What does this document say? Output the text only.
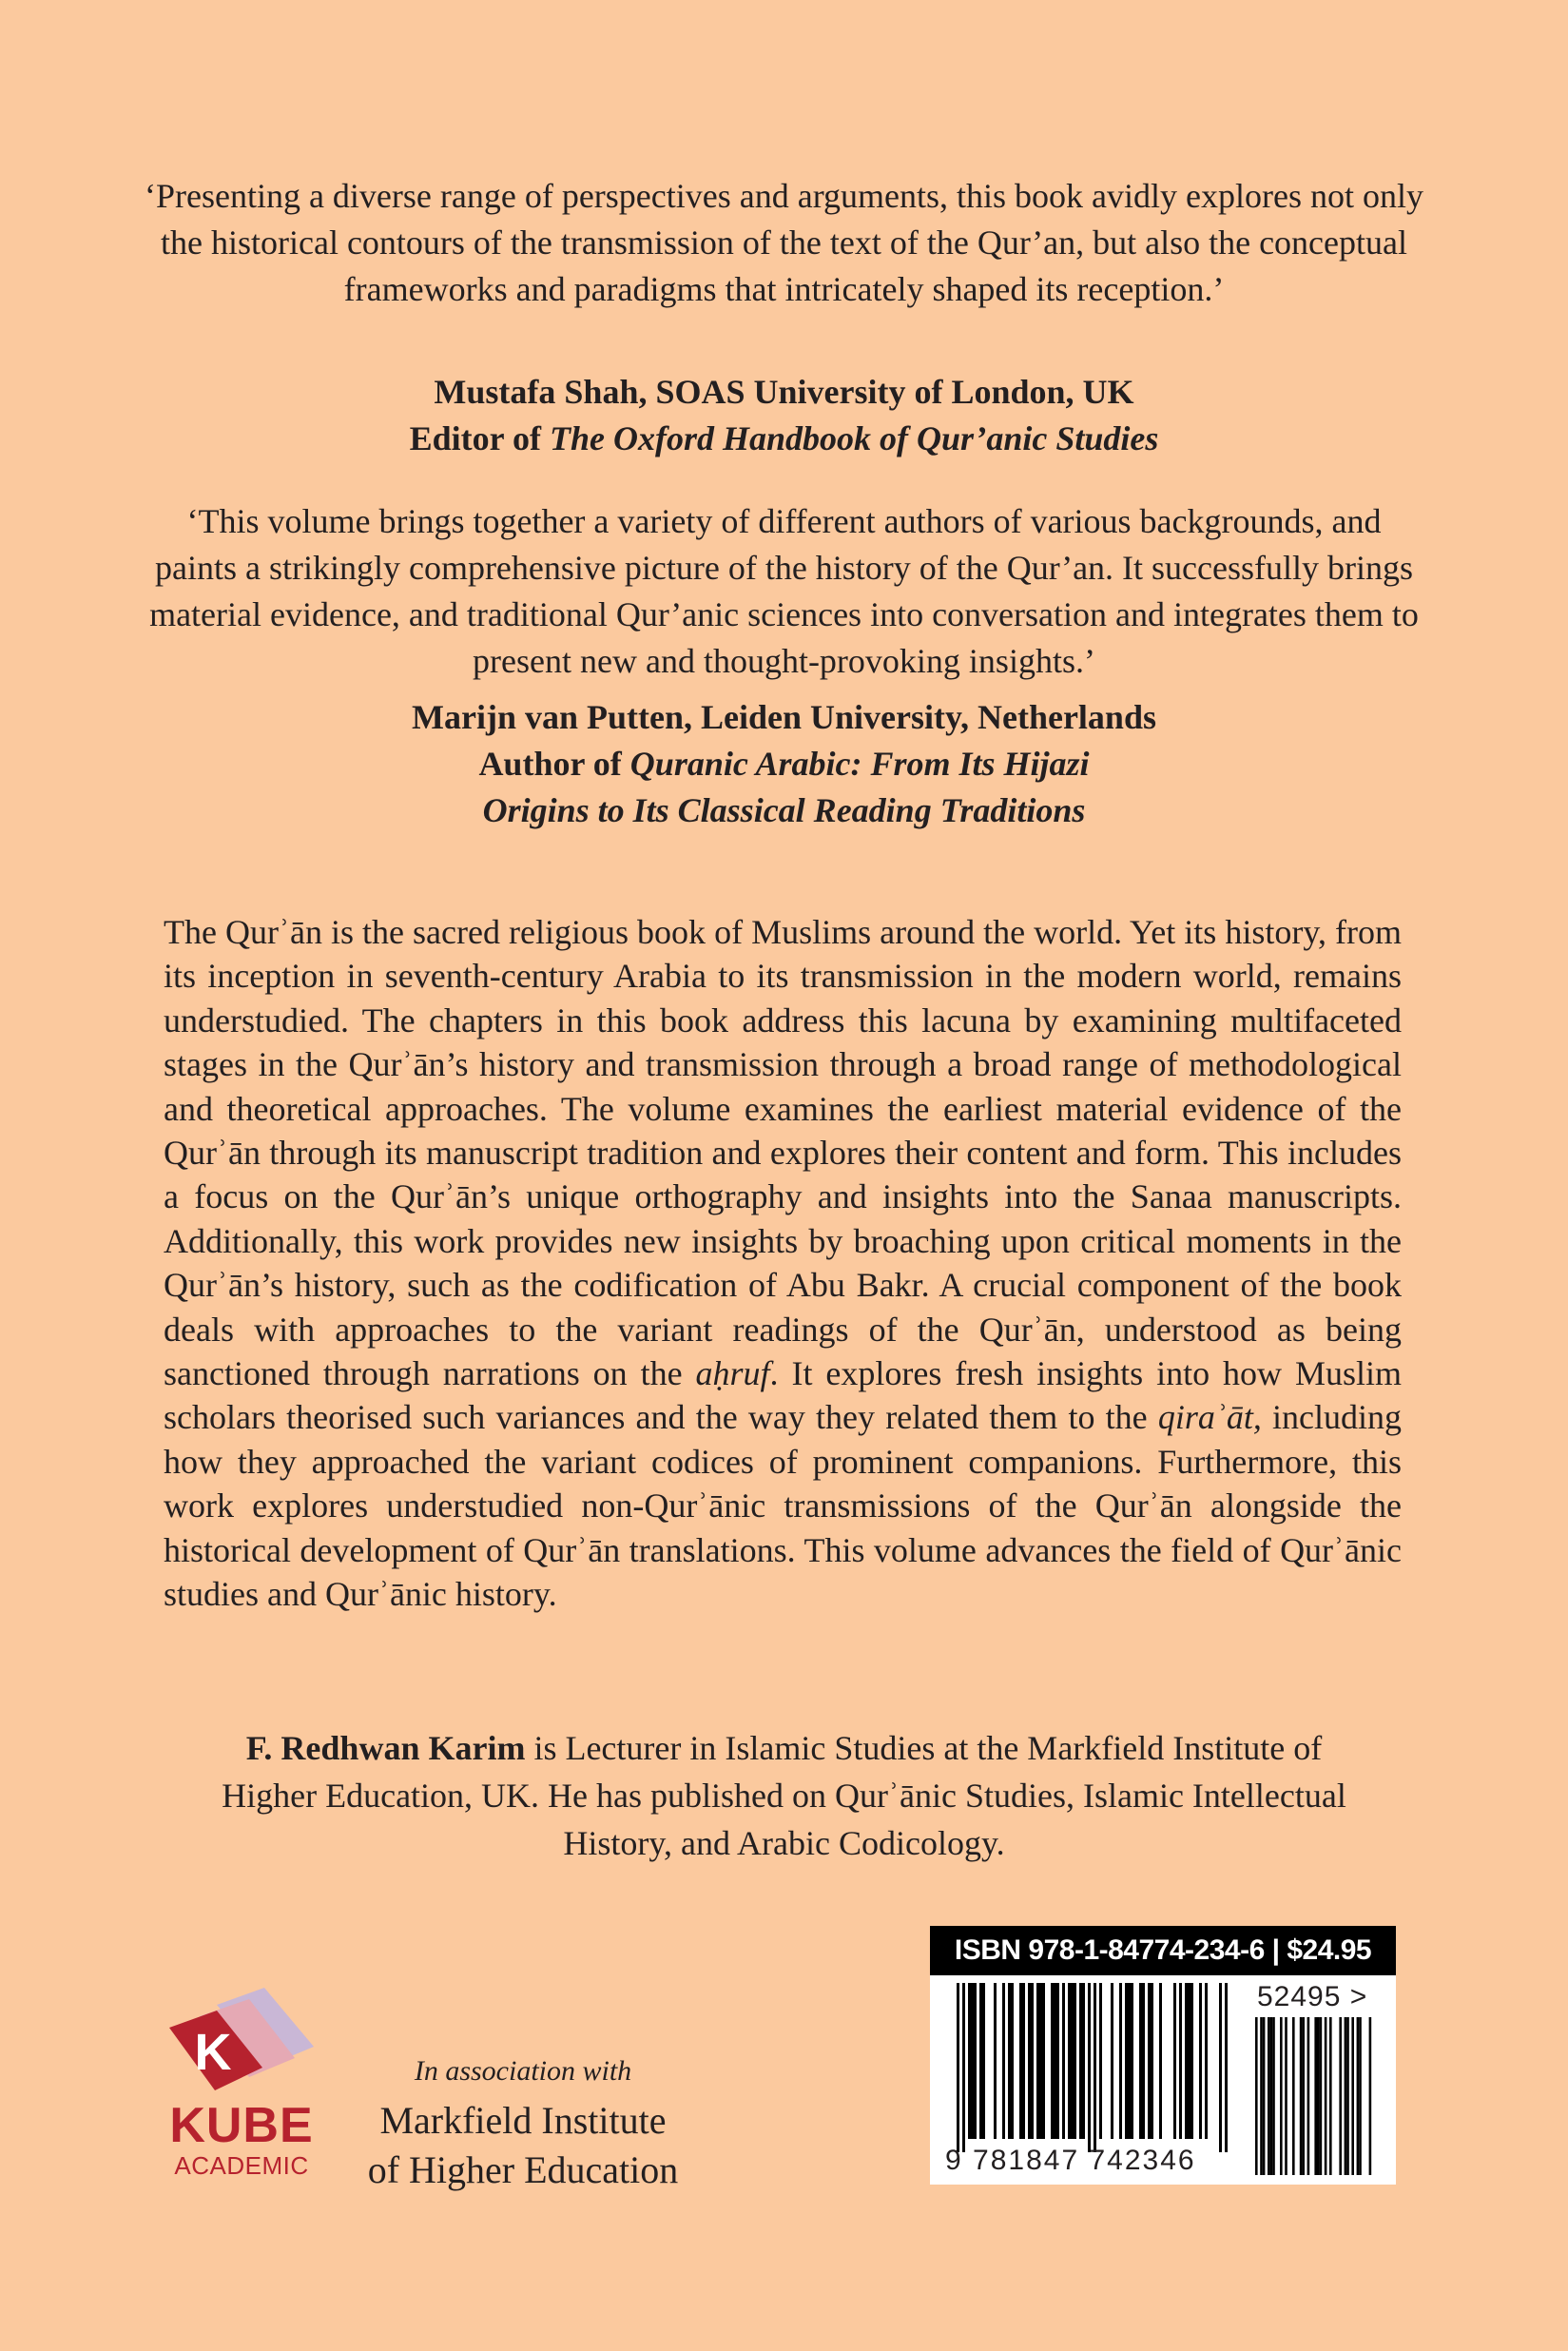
‘Presenting a diverse range of perspectives and arguments, this book avidly explores not only the historical contours of the transmission of the text of the Qur’an, but also the conceptual frameworks and paradigms that intricately shaped its reception.’
Mustafa Shah, SOAS University of London, UK
Editor of The Oxford Handbook of Qur’anic Studies
‘This volume brings together a variety of different authors of various backgrounds, and paints a strikingly comprehensive picture of the history of the Qur’an. It successfully brings material evidence, and traditional Qur’anic sciences into conversation and integrates them to present new and thought-provoking insights.’
Marijn van Putten, Leiden University, Netherlands
Author of Quranic Arabic: From Its Hijazi
Origins to Its Classical Reading Traditions
The Qurʾān is the sacred religious book of Muslims around the world. Yet its history, from its inception in seventh-century Arabia to its transmission in the modern world, remains understudied. The chapters in this book address this lacuna by examining multifaceted stages in the Qurʾān’s history and transmission through a broad range of methodological and theoretical approaches. The volume examines the earliest material evidence of the Qurʾān through its manuscript tradition and explores their content and form. This includes a focus on the Qurʾān’s unique orthography and insights into the Sanaa manuscripts. Additionally, this work provides new insights by broaching upon critical moments in the Qurʾān’s history, such as the codification of Abu Bakr. A crucial component of the book deals with approaches to the variant readings of the Qurʾān, understood as being sanctioned through narrations on the aḥruf. It explores fresh insights into how Muslim scholars theorised such variances and the way they related them to the qiraʾāt, including how they approached the variant codices of prominent companions. Furthermore, this work explores understudied non-Qurʾānic transmissions of the Qurʾān alongside the historical development of Qurʾān translations. This volume advances the field of Qurʾānic studies and Qurʾānic history.
F. Redhwan Karim is Lecturer in Islamic Studies at the Markfield Institute of
Higher Education, UK. He has published on Qurʾānic Studies, Islamic Intellectual
History, and Arabic Codicology.
ISBN 978-1-84774-234-6 | $24.95
9 781847 742346
52495 >
K
KUBE
ACADEMIC
In association with
Markfield Institute
of Higher Education
